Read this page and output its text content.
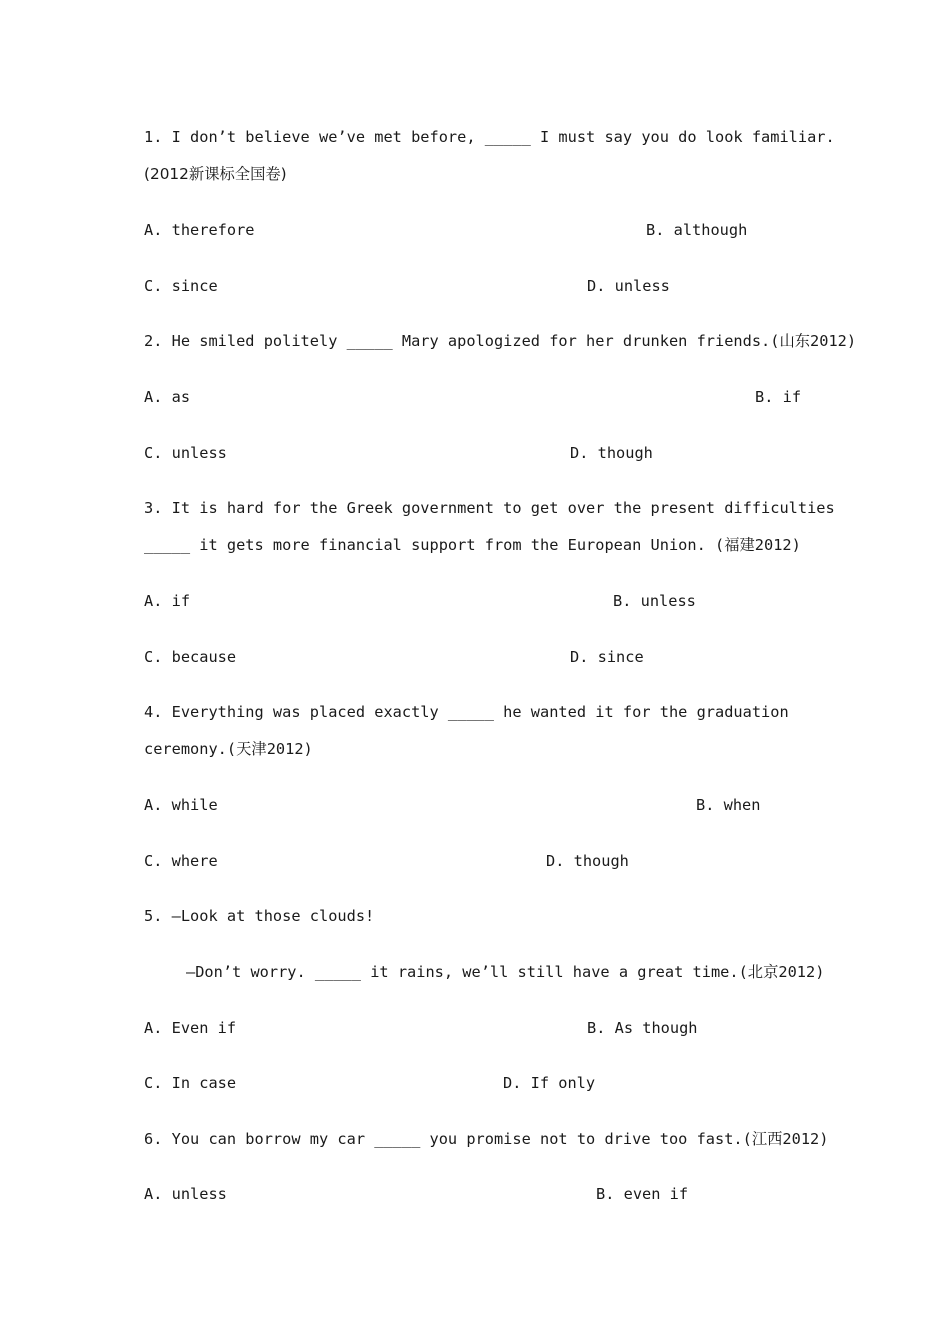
1. I don’t believe we’ve met before, _____ I must say you do look familiar.
(2012新课标全国卷)
A. therefore	B. although
C. since	D. unless
2. He smiled politely _____ Mary apologized for her drunken friends.(山东2012)
A. as	B. if
C. unless	D. though
3. It is hard for the Greek government to get over the present difficulties
_____ it gets more financial support from the European Union. (福建2012)
A. if	B. unless
C. because	D. since
4. Everything was placed exactly _____ he wanted it for the graduation
ceremony.(天津2012)
A. while	B. when
C. where	D. though
5. —Look at those clouds!
—Don’t worry. _____ it rains, we’ll still have a great time.(北京2012)
A. Even if	B. As though
C. In case	D. If only
6. You can borrow my car _____ you promise not to drive too fast.(江西2012)
A. unless	B. even if
